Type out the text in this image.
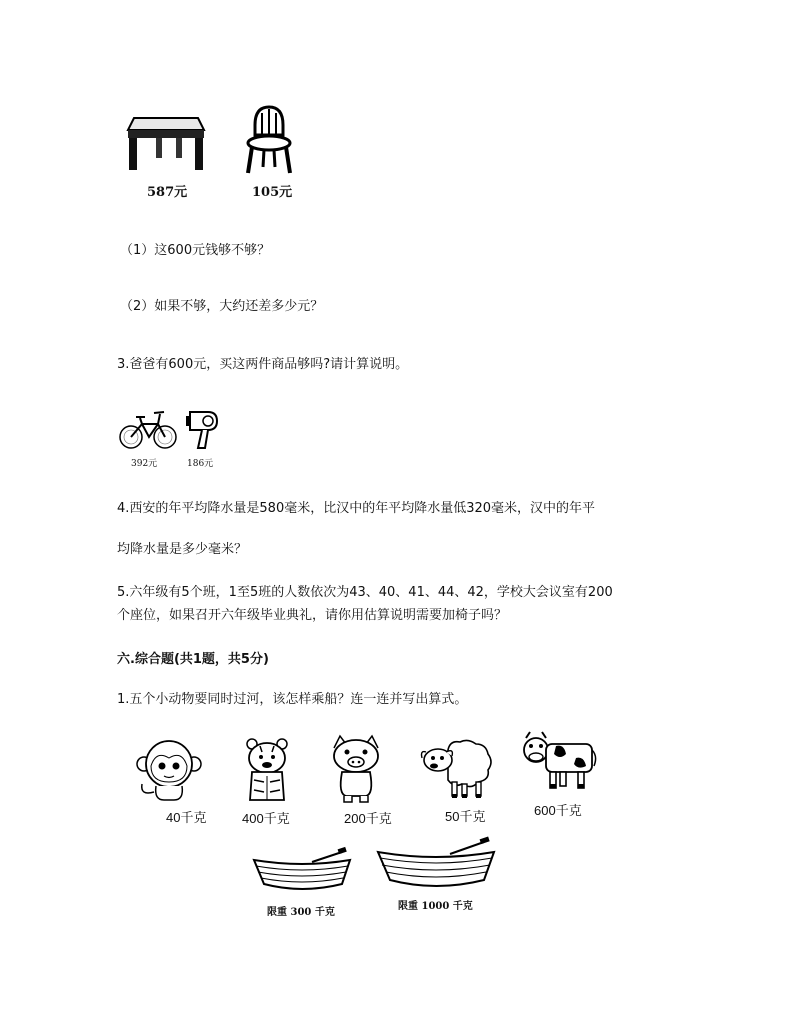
587元	105元
（1）这600元钱够不够？
（2）如果不够，大约还差多少元？
3.爸爸有600元，买这两件商品够吗?请计算说明。
392元	186元
4.西安的年平均降水量是580毫米，比汉中的年平均降水量低320毫米，汉中的年平
均降水量是多少毫米？
5.六年级有5个班，1至5班的人数依次为43、40、41、44、42，学校大会议室有200
个座位，如果召开六年级毕业典礼，请你用估算说明需要加椅子吗？
六.综合题(共1题，共5分)
1.五个小动物要同时过河，该怎样乘船？连一连并写出算式。
40千克	400千克	200千克	50千克	600千克
限重 300 千克
限重 1000 千克
